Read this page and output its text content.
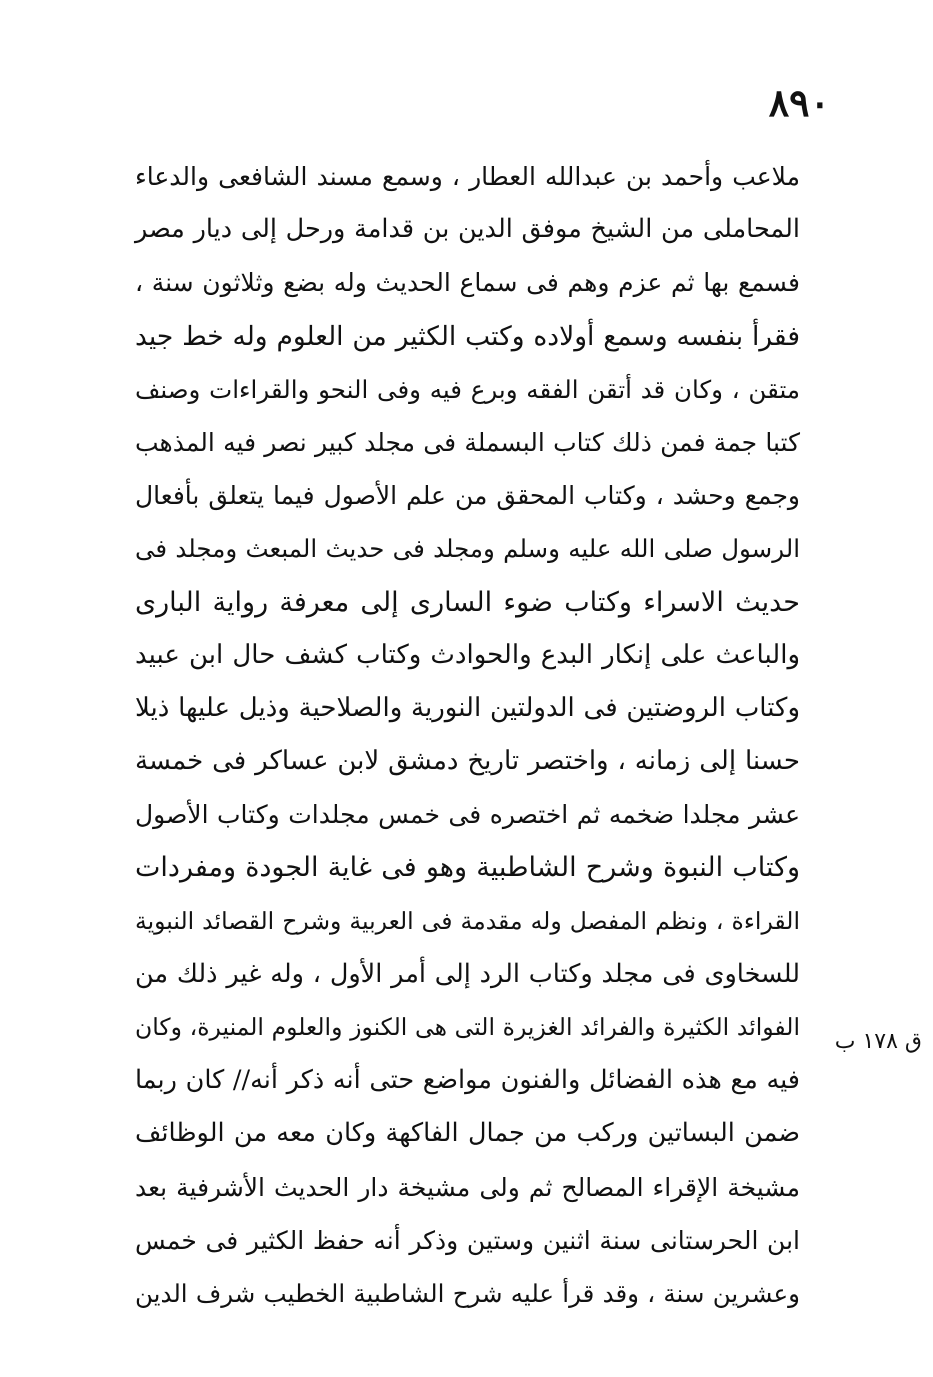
٨٩٠
ملاعب وأحمد بن عبدالله العطار ، وسمع مسند الشافعى والدعاء
المحاملى من الشيخ موفق الدين بن قدامة ورحل إلى ديار مصر
فسمع بها ثم عزم وهم فى سماع الحديث وله بضع وثلاثون سنة ،
فقرأ بنفسه وسمع أولاده وكتب الكثير من العلوم وله خط جيد
متقن ، وكان قد أتقن الفقه وبرع فيه وفى النحو والقراءات وصنف
كتبا جمة فمن ذلك كتاب البسملة فى مجلد كبير نصر فيه المذهب
وجمع وحشد ، وكتاب المحقق من علم الأصول فيما يتعلق بأفعال
الرسول صلى الله عليه وسلم ومجلد فى حديث المبعث ومجلد فى
حديث الاسراء وكتاب ضوء السارى إلى معرفة رواية البارى
والباعث على إنكار البدع والحوادث وكتاب كشف حال ابن عبيد
وكتاب الروضتين فى الدولتين النورية والصلاحية وذيل عليها ذيلا
حسنا إلى زمانه ، واختصر تاريخ دمشق لابن عساكر فى خمسة
عشر مجلدا ضخمه ثم اختصره فى خمس مجلدات وكتاب الأصول
وكتاب النبوة وشرح الشاطبية وهو فى غاية الجودة ومفردات
القراءة ، ونظم المفصل وله مقدمة فى العربية وشرح القصائد النبوية
للسخاوى فى مجلد وكتاب الرد إلى أمر الأول ، وله غير ذلك من
الفوائد الكثيرة والفرائد الغزيرة التى هى الكنوز والعلوم المنيرة، وكان
فيه مع هذه الفضائل والفنون مواضع حتى أنه ذكر أنه// كان ربما
ضمن البساتين وركب من جمال الفاكهة وكان معه من الوظائف
مشيخة الإقراء المصالح ثم ولى مشيخة دار الحديث الأشرفية بعد
ابن الحرستانى سنة اثنين وستين وذكر أنه حفظ الكثير فى خمس
وعشرين سنة ، وقد قرأ عليه شرح الشاطبية الخطيب شرف الدين
ق ١٧٨ ب
